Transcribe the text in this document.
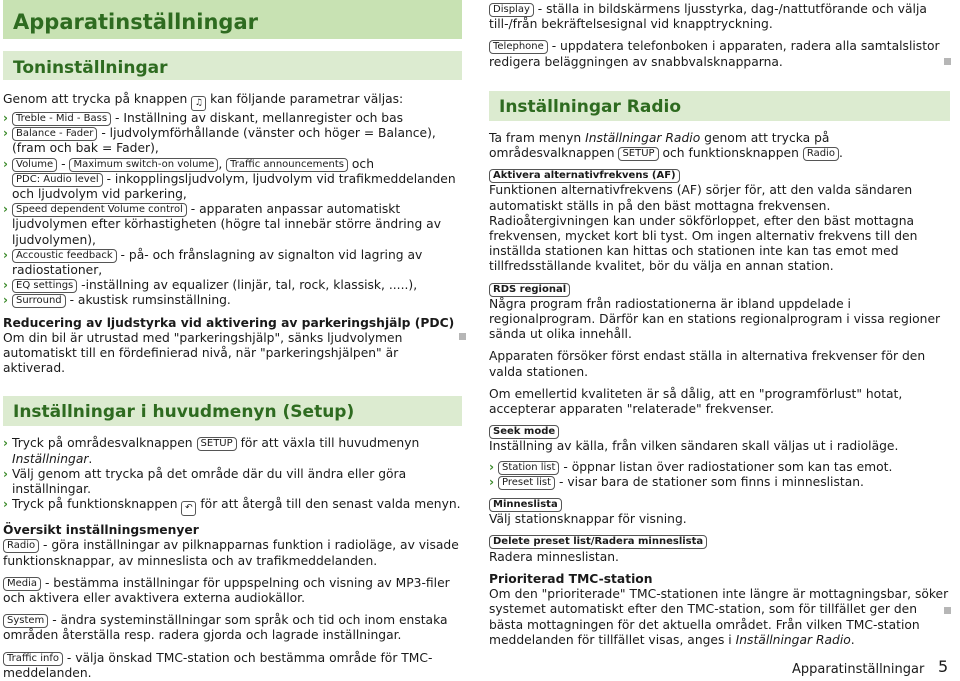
Apparatinställningar
Toninställningar

Genom att trycka på knappen ♫ kan följande parametrar väljas:

› Treble - Mid - Bass - Inställning av diskant, mellanregister och bas
› Balance - Fader - ljudvolymförhållande (vänster och höger = Balance), (fram och bak = Fader),
› Volume - Maximum switch-on volume , Traffic announcements och PDC: Audio level - inkopplingsljudvolym, ljudvolym vid trafikmeddelanden och ljudvolym vid parkering,
› Speed dependent Volume control - apparaten anpassar automatiskt ljudvolymen efter körhastigheten (högre tal innebär större ändring av ljudvolymen),
› Accoustic feedback - på- och frånslagning av signalton vid lagring av radiostationer,
› EQ settings -inställning av equalizer (linjär, tal, rock, klassisk, .....),
› Surround - akustisk rumsinställning.

Reducering av ljudstyrka vid aktivering av parkeringshjälp (PDC)

Om din bil är utrustad med "parkeringshjälp", sänks ljudvolymen automatiskt till en fördefinierad nivå, när "parkeringshjälpen" är aktiverad.

Inställningar i huvudmenyn (Setup)
› Tryck på områdesvalknappen SETUP för att växla till huvudmenyn Inställningar.
› Välj genom att trycka på det område där du vill ändra eller göra inställningar.
› Tryck på funktionsknappen ↶ för att återgå till den senast valda menyn.

Översikt inställningsmenyer

Radio - göra inställningar av pilknapparnas funktion i radioläge, av visade funktionsknappar, av minneslista och av trafikmeddelanden.

Media - bestämma inställningar för uppspelning och visning av MP3-filer och aktivera eller avaktivera externa audiokällor.

System - ändra systeminställningar som språk och tid och inom enstaka områden återställa resp. radera gjorda och lagrade inställningar.

Traffic info - välja önskad TMC-station och bestämma område för TMC-meddelanden.

Display - ställa in bildskärmens ljusstyrka, dag-/nattutförande och välja till-/från bekräftelsesignal vid knapptryckning.

Telephone - uppdatera telefonboken i apparaten, radera alla samtalslistor redigera beläggningen av snabbvalsknapparna.

Inställningar Radio

Ta fram menyn Inställningar Radio genom att trycka på områdesvalknappen SETUP och funktionsknappen Radio .

Aktivera alternativfrekvens (AF)

Funktionen alternativfrekvens (AF) sörjer för, att den valda sändaren automatiskt ställs in på den bäst mottagna frekvensen. Radioåtergivningen kan under sökförloppet, efter den bäst mottagna frekvensen, mycket kort bli tyst. Om ingen alternativ frekvens till den inställda stationen kan hittas och stationen inte kan tas emot med tillfredsställande kvalitet, bör du välja en annan station.

RDS regional

Några program från radiostationerna är ibland uppdelade i regionalprogram. Därför kan en stations regionalprogram i vissa regioner sända ut olika innehåll.

Apparaten försöker först endast ställa in alternativa frekvenser för den valda stationen.

Om emellertid kvaliteten är så dålig, att en "programförlust" hotat, accepterar apparaten "relaterade" frekvenser.

Seek mode

Inställning av källa, från vilken sändaren skall väljas ut i radioläge.

› Station list - öppnar listan över radiostationer som kan tas emot.

› Preset list - visar bara de stationer som finns i minneslistan.

Minneslista

Välj stationsknappar för visning.

Delete preset list/Radera minneslista

Radera minneslistan.

Prioriterad TMC-station

Om den "prioriterade" TMC-stationen inte längre är mottagningsbar, söker systemet automatiskt efter den TMC-station, som för tillfället ger den bästa mottagningen för det aktuella området. Från vilken TMC-station meddelanden för tillfället visas, anges i Inställningar Radio.

Apparatinställningar 5
